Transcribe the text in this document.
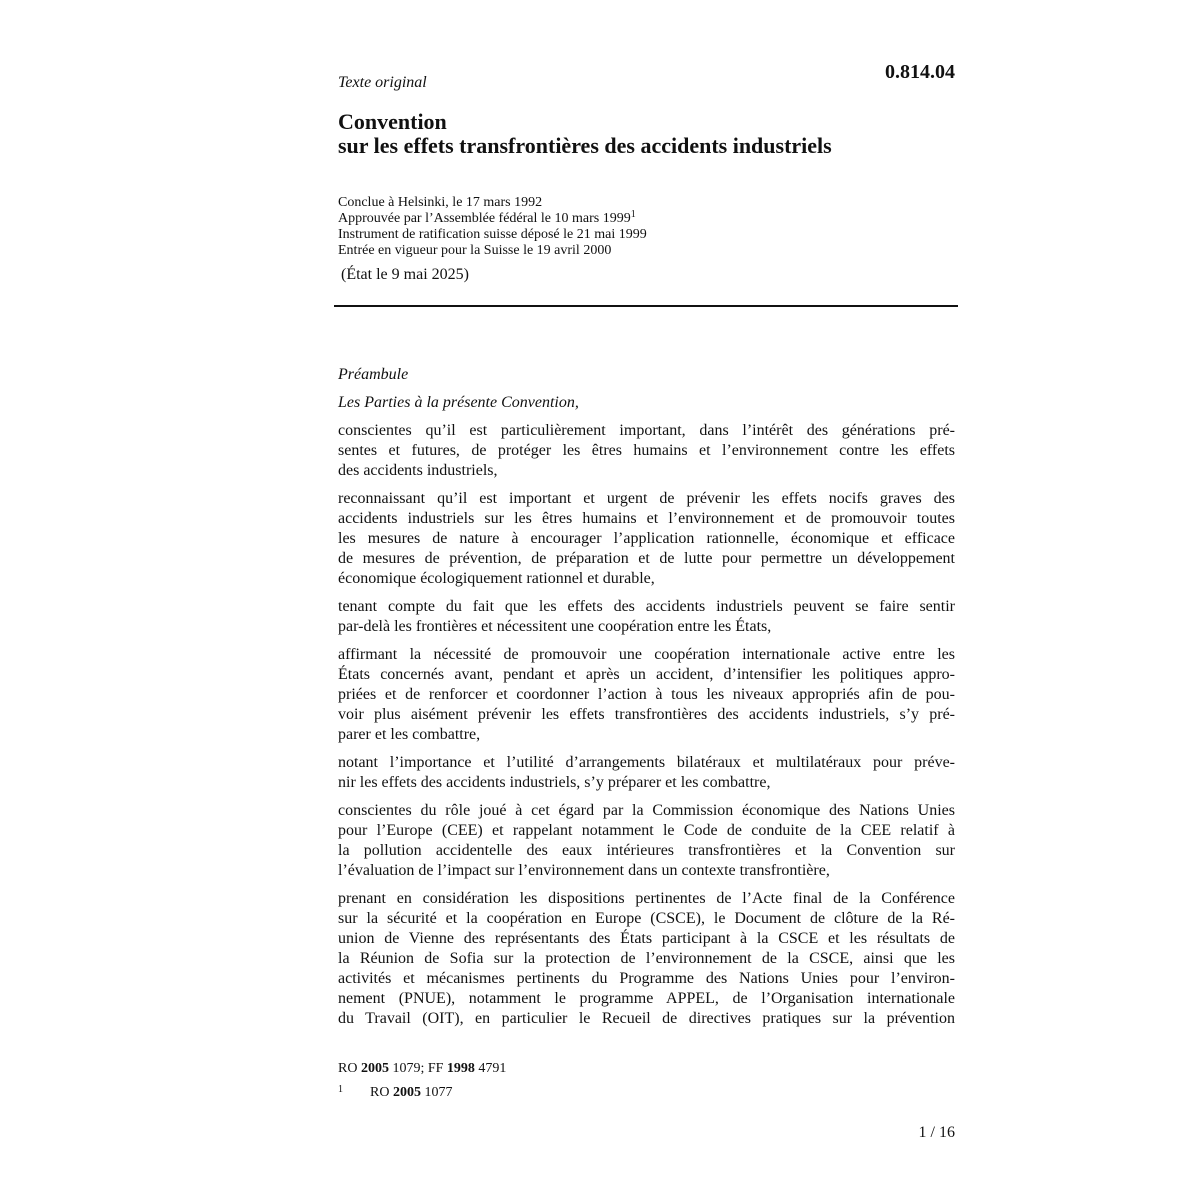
Texte original	0.814.04
Convention
sur les effets transfrontières des accidents industriels
Conclue à Helsinki, le 17 mars 1992
Approuvée par l’Assemblée fédéral le 10 mars 1999$^1$
Instrument de ratification suisse déposé le 21 mai 1999
Entrée en vigueur pour la Suisse le 19 avril 2000
(État le 9 mai 2025)
Préambule
Les Parties à la présente Convention,
conscientes qu’il est particulièrement important, dans l’intérêt des générations pré-
sentes et futures, de protéger les êtres humains et l’environnement contre les effets
des accidents industriels,
reconnaissant qu’il est important et urgent de prévenir les effets nocifs graves des
accidents industriels sur les êtres humains et l’environnement et de promouvoir toutes
les mesures de nature à encourager l’application rationnelle, économique et efficace
de mesures de prévention, de préparation et de lutte pour permettre un développement
économique écologiquement rationnel et durable,
tenant compte du fait que les effets des accidents industriels peuvent se faire sentir
par-delà les frontières et nécessitent une coopération entre les États,
affirmant la nécessité de promouvoir une coopération internationale active entre les
États concernés avant, pendant et après un accident, d’intensifier les politiques appro-
priées et de renforcer et coordonner l’action à tous les niveaux appropriés afin de pou-
voir plus aisément prévenir les effets transfrontières des accidents industriels, s’y pré-
parer et les combattre,
notant l’importance et l’utilité d’arrangements bilatéraux et multilatéraux pour préve-
nir les effets des accidents industriels, s’y préparer et les combattre,
conscientes du rôle joué à cet égard par la Commission économique des Nations Unies
pour l’Europe (CEE) et rappelant notamment le Code de conduite de la CEE relatif à
la pollution accidentelle des eaux intérieures transfrontières et la Convention sur
l’évaluation de l’impact sur l’environnement dans un contexte transfrontière,
prenant en considération les dispositions pertinentes de l’Acte final de la Conférence
sur la sécurité et la coopération en Europe (CSCE), le Document de clôture de la Ré-
union de Vienne des représentants des États participant à la CSCE et les résultats de
la Réunion de Sofia sur la protection de l’environnement de la CSCE, ainsi que les
activités et mécanismes pertinents du Programme des Nations Unies pour l’environ-
nement (PNUE), notamment le programme APPEL, de l’Organisation internationale
du Travail (OIT), en particulier le Recueil de directives pratiques sur la prévention
RO 2005 1079; FF 1998 4791
1 RO 2005 1077
1 / 16
